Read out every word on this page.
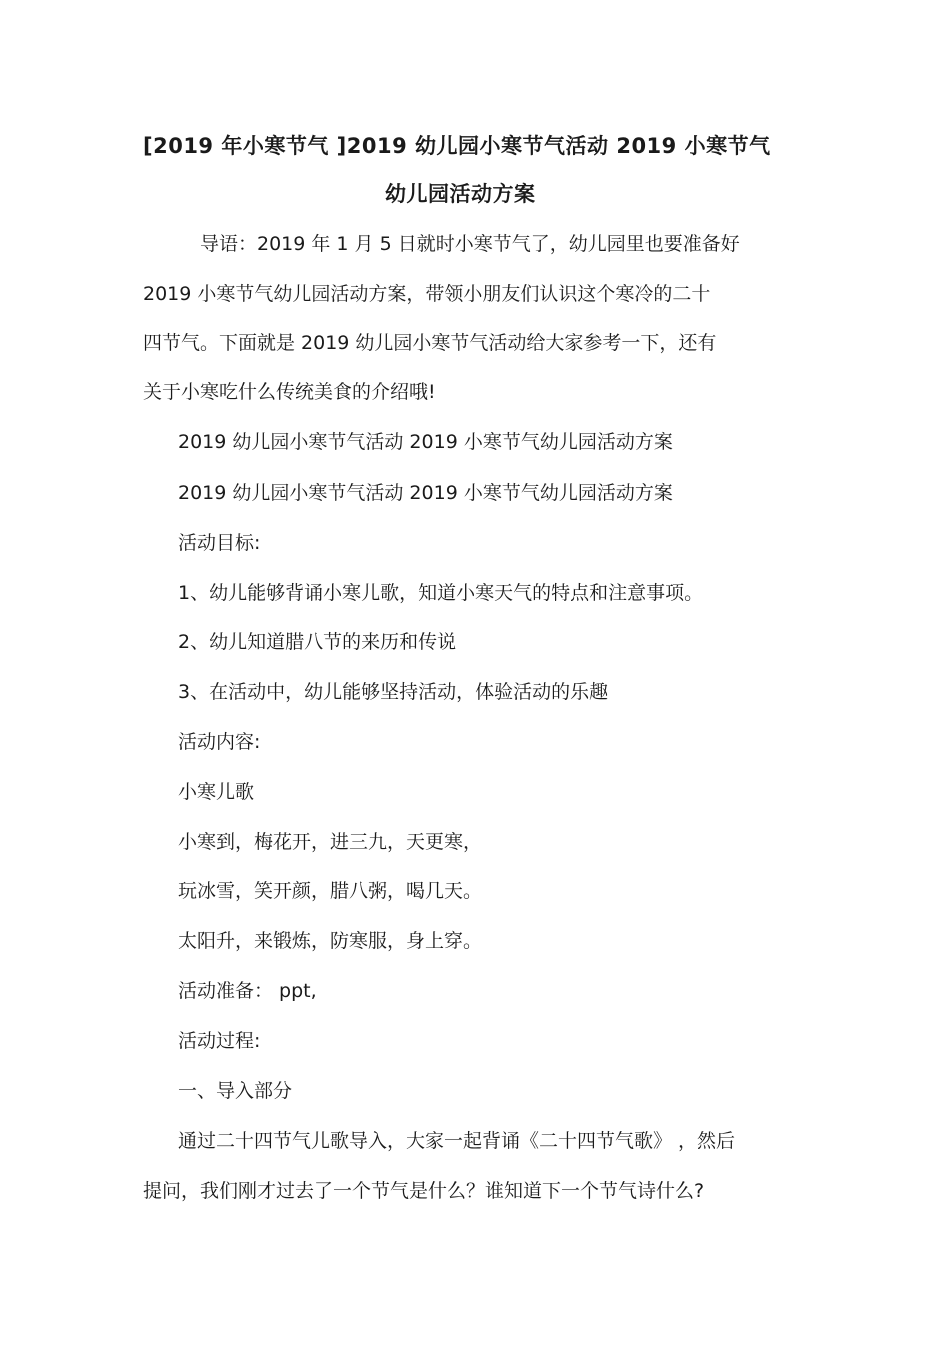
[2019 年小寒节气 ]2019 幼儿园小寒节气活动 2019 小寒节气
幼儿园活动方案
导语：2019 年 1 月 5 日就时小寒节气了，幼儿园里也要准备好
2019 小寒节气幼儿园活动方案，带领小朋友们认识这个寒冷的二十
四节气。下面就是 2019 幼儿园小寒节气活动给大家参考一下，还有
关于小寒吃什么传统美食的介绍哦!
2019 幼儿园小寒节气活动 2019 小寒节气幼儿园活动方案
2019 幼儿园小寒节气活动 2019 小寒节气幼儿园活动方案
活动目标:
1、幼儿能够背诵小寒儿歌，知道小寒天气的特点和注意事项。
2、幼儿知道腊八节的来历和传说
3、在活动中，幼儿能够坚持活动，体验活动的乐趣
活动内容:
小寒儿歌
小寒到，梅花开，进三九，天更寒，
玩冰雪，笑开颜，腊八粥，喝几天。
太阳升，来锻炼，防寒服，身上穿。
活动准备： ppt,
活动过程:
一、导入部分
通过二十四节气儿歌导入，大家一起背诵《二十四节气歌》 ，然后
提问，我们刚才过去了一个节气是什么？谁知道下一个节气诗什么?
